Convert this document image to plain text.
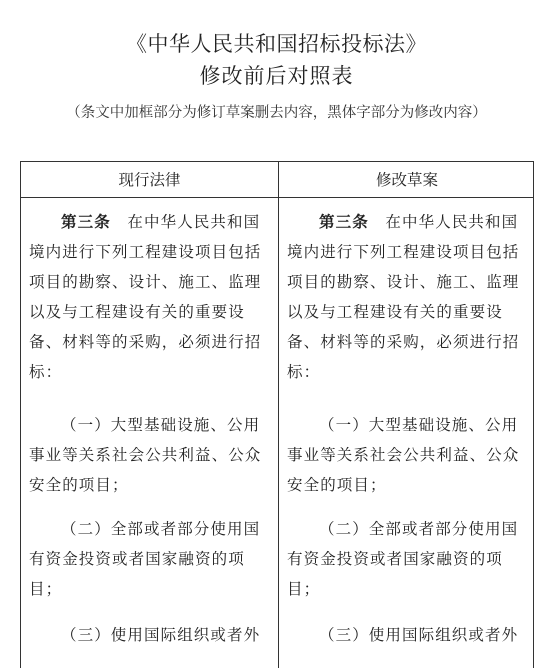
《中华人民共和国招标投标法》
修改前后对照表
（条文中加框部分为修订草案删去内容，黑体字部分为修改内容）
现行法律	修改草案
第三条　 在中华人民共和国
境内进行下列工程建设项目包括
项目的勘察、设计、施工、监理
以及与工程建设有关的重要设
备、材料等的采购，必须进行招
标：
（一）大型基础设施、公用
事业等关系社会公共利益、公众
安全的项目；
（二）全部或者部分使用国
有资金投资或者国家融资的项
目；
（三）使用国际组织或者外
第三条　 在中华人民共和国
境内进行下列工程建设项目包括
项目的勘察、设计、施工、监理
以及与工程建设有关的重要设
备、材料等的采购，必须进行招
标：
（一）大型基础设施、公用
事业等关系社会公共利益、公众
安全的项目；
（二）全部或者部分使用国
有资金投资或者国家融资的项
目；
（三）使用国际组织或者外
